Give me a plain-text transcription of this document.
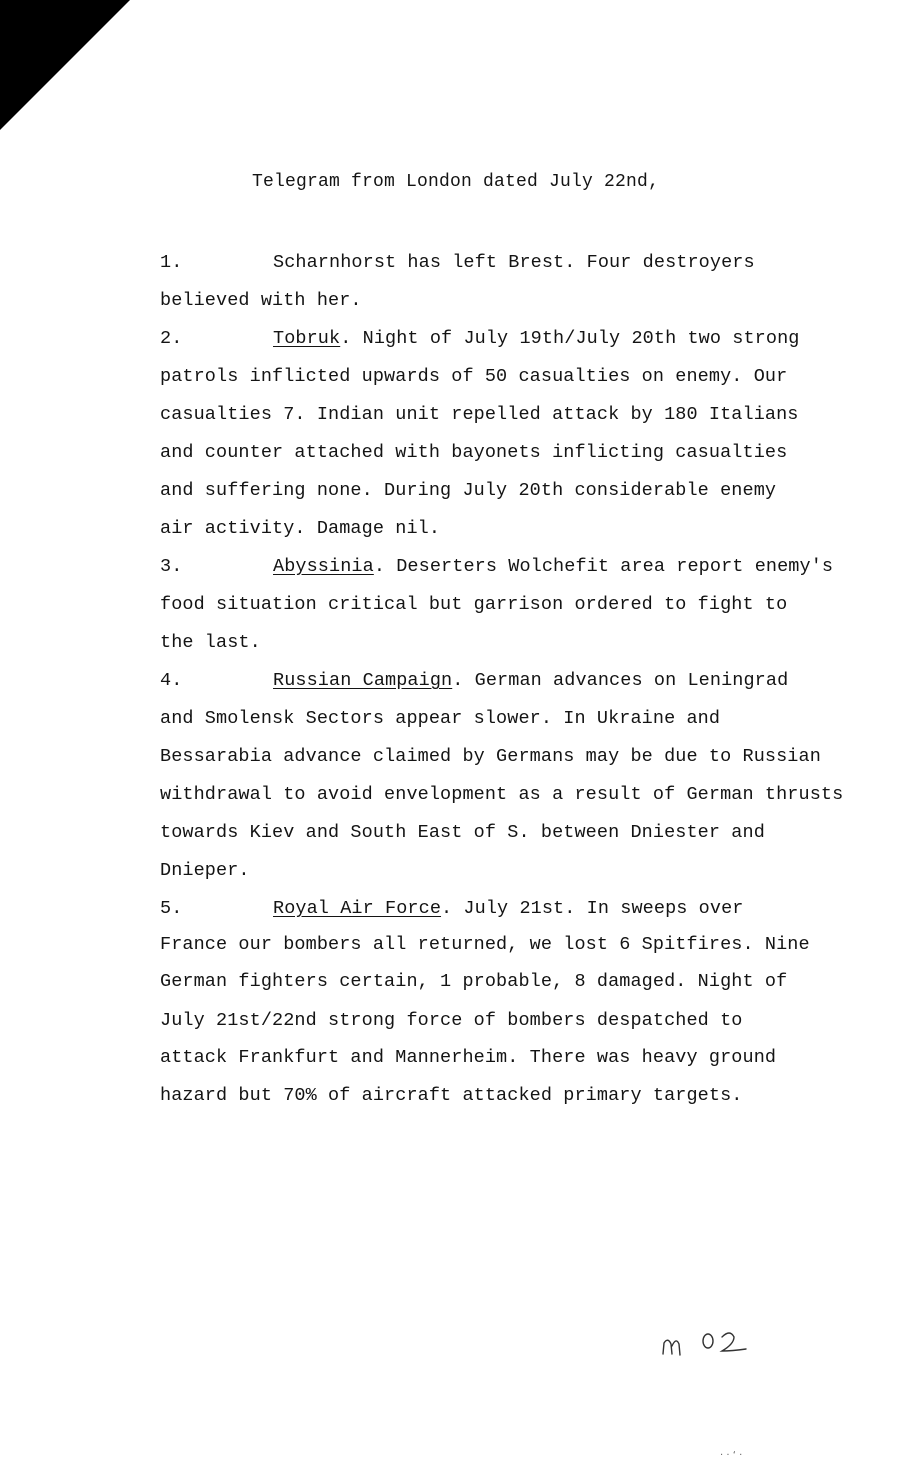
Telegram from London dated July 22nd,
1.	Scharnhorst has left Brest. Four destroyers
believed with her.
2.	Tobruk. Night of July 19th/July 20th two strong
patrols inflicted upwards of 50 casualties on enemy. Our
casualties 7. Indian unit repelled attack by 180 Italians
and counter attached with bayonets inflicting casualties
and suffering none. During July 20th considerable enemy
air activity. Damage nil.
3.	Abyssinia. Deserters Wolchefit area report enemy's
food situation critical but garrison ordered to fight to
the last.
4.	Russian Campaign. German advances on Leningrad
and Smolensk Sectors appear slower. In Ukraine and
Bessarabia advance claimed by Germans may be due to Russian
withdrawal to avoid envelopment as a result of German thrusts
towards Kiev and South East of S. between Dniester and
Dnieper.
5.	Royal Air Force. July 21st. In sweeps over
France our bombers all returned, we lost 6 Spitfires. Nine
German fighters certain, 1 probable, 8 damaged. Night of
July 21st/22nd strong force of bombers despatched to
attack Frankfurt and Mannerheim. There was heavy ground
hazard but 70% of aircraft attacked primary targets.
· · ‘ ·
